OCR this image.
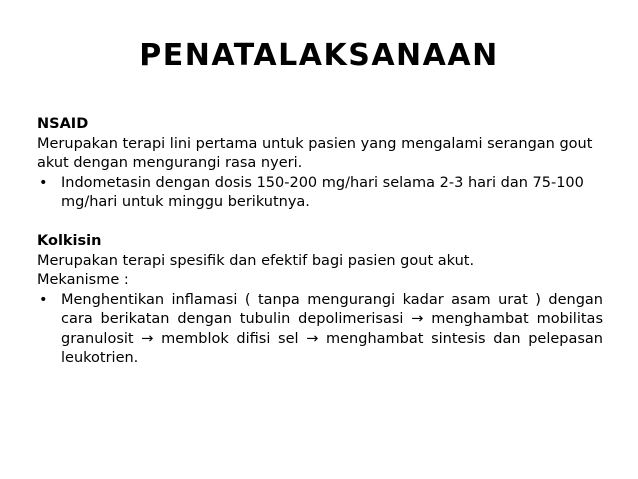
PENATALAKSANAAN

NSAID

Merupakan terapi lini pertama untuk pasien yang mengalami serangan gout akut dengan mengurangi rasa nyeri.

• Indometasin dengan dosis 150-200 mg/hari selama 2-3 hari dan 75-100 mg/hari untuk minggu berikutnya.

Kolkisin

Merupakan terapi spesifik dan efektif bagi pasien gout akut.

Mekanisme :

• Menghentikan inflamasi ( tanpa mengurangi kadar asam urat ) dengan cara berikatan dengan tubulin depolimerisasi → menghambat mobilitas granulosit → memblok difisi sel → menghambat sintesis dan pelepasan leukotrien.
